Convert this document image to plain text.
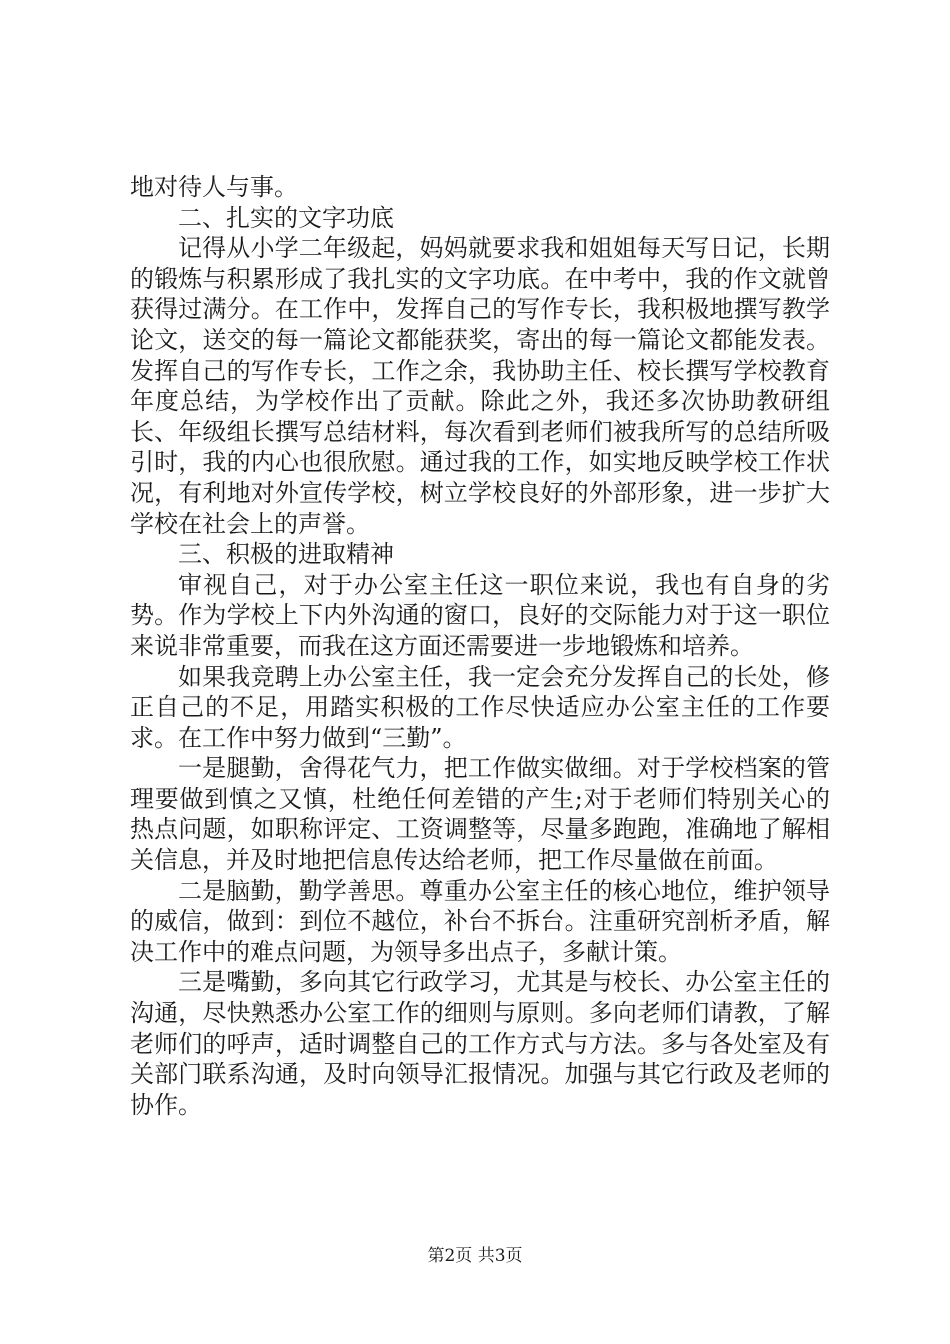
地对待人与事。

二、扎实的文字功底

记得从小学二年级起，妈妈就要求我和姐姐每天写日记，长期的锻炼与积累形成了我扎实的文字功底。在中考中，我的作文就曾获得过满分。在工作中，发挥自己的写作专长，我积极地撰写教学论文，送交的每一篇论文都能获奖，寄出的每一篇论文都能发表。发挥自己的写作专长，工作之余，我协助主任、校长撰写学校教育年度总结，为学校作出了贡献。除此之外，我还多次协助教研组长、年级组长撰写总结材料，每次看到老师们被我所写的总结所吸引时，我的内心也很欣慰。通过我的工作，如实地反映学校工作状况，有利地对外宣传学校，树立学校良好的外部形象，进一步扩大学校在社会上的声誉。

三、积极的进取精神

审视自己，对于办公室主任这一职位来说，我也有自身的劣势。作为学校上下内外沟通的窗口，良好的交际能力对于这一职位来说非常重要，而我在这方面还需要进一步地锻炼和培养。

如果我竞聘上办公室主任，我一定会充分发挥自己的长处，修正自己的不足，用踏实积极的工作尽快适应办公室主任的工作要求。在工作中努力做到“三勤”。

一是腿勤，舍得花气力，把工作做实做细。对于学校档案的管理要做到慎之又慎，杜绝任何差错的产生;对于老师们特别关心的热点问题，如职称评定、工资调整等，尽量多跑跑，准确地了解相关信息，并及时地把信息传达给老师，把工作尽量做在前面。

二是脑勤，勤学善思。尊重办公室主任的核心地位，维护领导的威信，做到：到位不越位，补台不拆台。注重研究剖析矛盾，解决工作中的难点问题，为领导多出点子，多献计策。

三是嘴勤，多向其它行政学习，尤其是与校长、办公室主任的沟通，尽快熟悉办公室工作的细则与原则。多向老师们请教，了解老师们的呼声，适时调整自己的工作方式与方法。多与各处室及有关部门联系沟通，及时向领导汇报情况。加强与其它行政及老师的协作。

第2页 共3页
